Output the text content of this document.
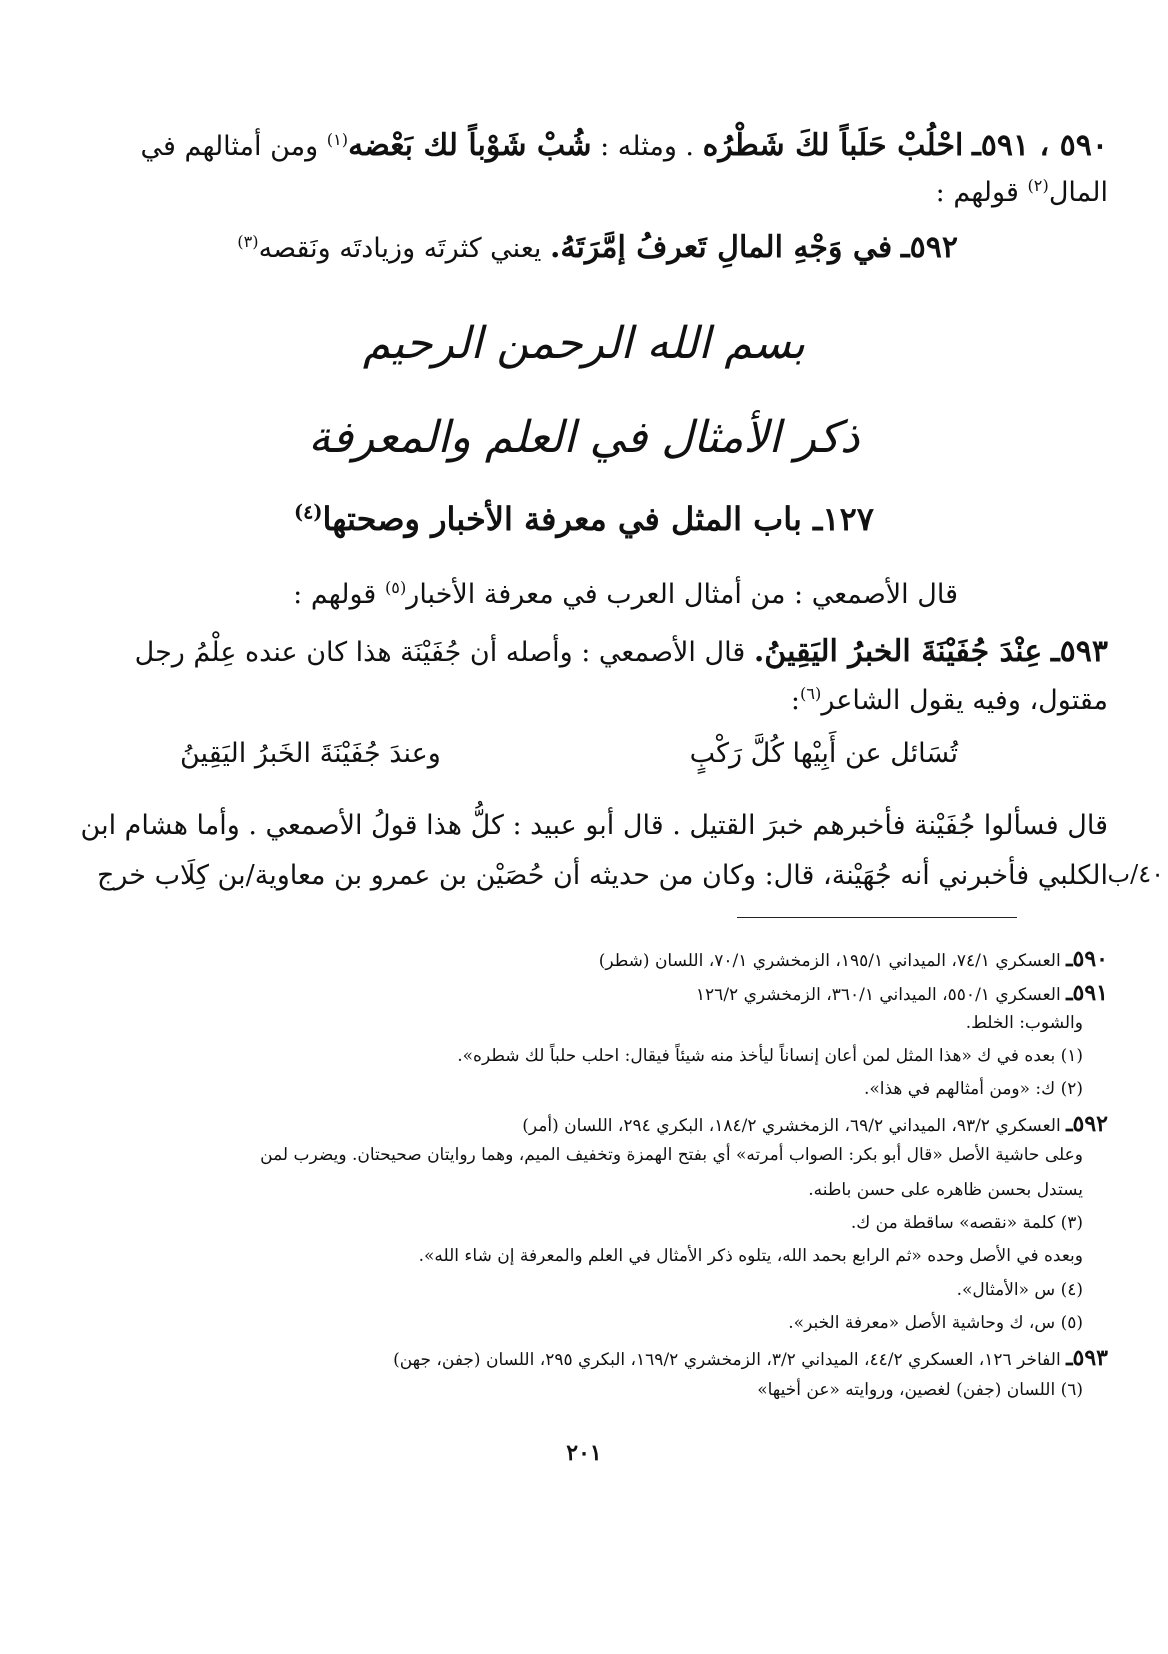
٥٩٠ ، ٥٩١ـ احْلُبْ حَلَباً لكَ شَطْرُه . ومثله : شُبْ شَوْباً لك بَعْضه$^{(١)}$ ومن أمثالهم في
المال$^{(٢)}$ قولهم :
٥٩٢ـ في وَجْهِ المالِ تَعرفُ إمَّرَتَهُ. يعني كثرتَه وزيادتَه ونَقصه$^{(٣)}$
بسم الله الرحمن الرحيم
ذكر الأمثال في العلم والمعرفة
١٢٧ـ باب المثل في معرفة الأخبار وصحتها$^{(٤)}$
قال الأصمعي : من أمثال العرب في معرفة الأخبار$^{(٥)}$ قولهم :
٥٩٣ـ عِنْدَ جُفَيْنَةَ الخبرُ اليَقِينُ. قال الأصمعي : وأصله أن جُفَيْنَة هذا كان عنده عِلْمُ رجل
مقتول، وفيه يقول الشاعر$^{(٦)}$:
تُسَائل عن أَبِيْها كُلَّ رَكْبٍ
وعندَ جُفَيْنَةَ الخَبرُ اليَقِينُ
قال فسألوا جُفَيْنة فأخبرهم خبرَ القتيل . قال أبو عبيد : كلُّ هذا قولُ الأصمعي . وأما هشام ابن
الكلبي فأخبرني أنه جُهَيْنة، قال: وكان من حديثه أن حُصَيْن بن عمرو بن معاوية/بن كِلَاب خرج ٤٠/ب
٥٩٠ـ العسكري ٧٤/١، الميداني ١٩٥/١، الزمخشري ٧٠/١، اللسان (شطر)
٥٩١ـ العسكري ٥٥٠/١، الميداني ٣٦٠/١، الزمخشري ١٢٦/٢
والشوب: الخلط.
(١) بعده في ك «هذا المثل لمن أعان إنساناً ليأخذ منه شيئاً فيقال: احلب حلباً لك شطره».
(٢) ك: «ومن أمثالهم في هذا».
٥٩٢ـ العسكري ٩٣/٢، الميداني ٦٩/٢، الزمخشري ١٨٤/٢، البكري ٢٩٤، اللسان (أمر)
وعلى حاشية الأصل «قال أبو بكر: الصواب أمرته» أي بفتح الهمزة وتخفيف الميم، وهما روايتان صحيحتان. ويضرب لمن
يستدل بحسن ظاهره على حسن باطنه.
(٣) كلمة «نقصه» ساقطة من ك.
وبعده في الأصل وحده «ثم الرابع بحمد الله، يتلوه ذكر الأمثال في العلم والمعرفة إن شاء الله».
(٤) س «الأمثال».
(٥) س، ك وحاشية الأصل «معرفة الخبر».
٥٩٣ـ الفاخر ١٢٦، العسكري ٤٤/٢، الميداني ٣/٢، الزمخشري ١٦٩/٢، البكري ٢٩٥، اللسان (جفن، جهن)
(٦) اللسان (جفن) لغصين، وروايته «عن أخيها»
٢٠١
